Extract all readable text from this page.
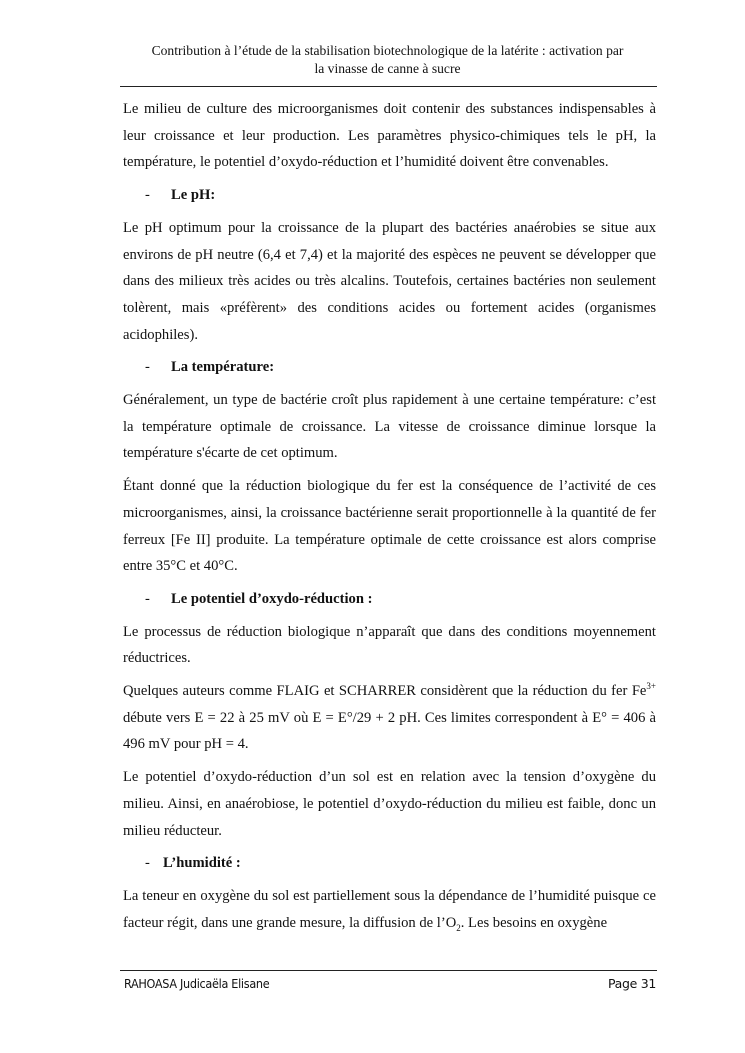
Contribution à l’étude de la stabilisation biotechnologique de la latérite : activation par
la vinasse de canne à sucre

Le milieu de culture des microorganismes doit contenir des substances indispensables à leur croissance et leur production. Les paramètres physico-chimiques tels le pH, la température, le potentiel d’oxydo-réduction et l’humidité doivent être convenables.

- Le pH:

Le pH optimum pour la croissance de la plupart des bactéries anaérobies se situe aux environs de pH neutre (6,4 et 7,4) et la majorité des espèces ne peuvent se développer que dans des milieux très acides ou très alcalins. Toutefois, certaines bactéries non seulement tolèrent, mais «préfèrent» des conditions acides ou fortement acides (organismes acidophiles).

- La température:

Généralement, un type de bactérie croît plus rapidement à une certaine température: c’est la température optimale de croissance. La vitesse de croissance diminue lorsque la température s'écarte de cet optimum.

Étant donné que la réduction biologique du fer est la conséquence de l’activité de ces microorganismes, ainsi, la croissance bactérienne serait proportionnelle à la quantité de fer ferreux [Fe II] produite. La température optimale de cette croissance est alors comprise entre 35°C et 40°C.

- Le potentiel d’oxydo-réduction :

Le processus de réduction biologique n’apparaît que dans des conditions moyennement réductrices.

Quelques auteurs comme FLAIG et SCHARRER considèrent que la réduction du fer $Fe^{3+}$ débute vers E = 22 à 25 mV où E = E°/29 + 2 pH. Ces limites correspondent à E° = 406 à 496 mV pour pH = 4.

Le potentiel d’oxydo-réduction d’un sol est en relation avec la tension d’oxygène du milieu. Ainsi, en anaérobiose, le potentiel d’oxydo-réduction du milieu est faible, donc un milieu réducteur.

- L’humidité :

La teneur en oxygène du sol est partiellement sous la dépendance de l’humidité puisque ce facteur régit, dans une grande mesure, la diffusion de $l’O_2$. Les besoins en oxygène

RAHOASA Judicaëla Elisane	Page 31
